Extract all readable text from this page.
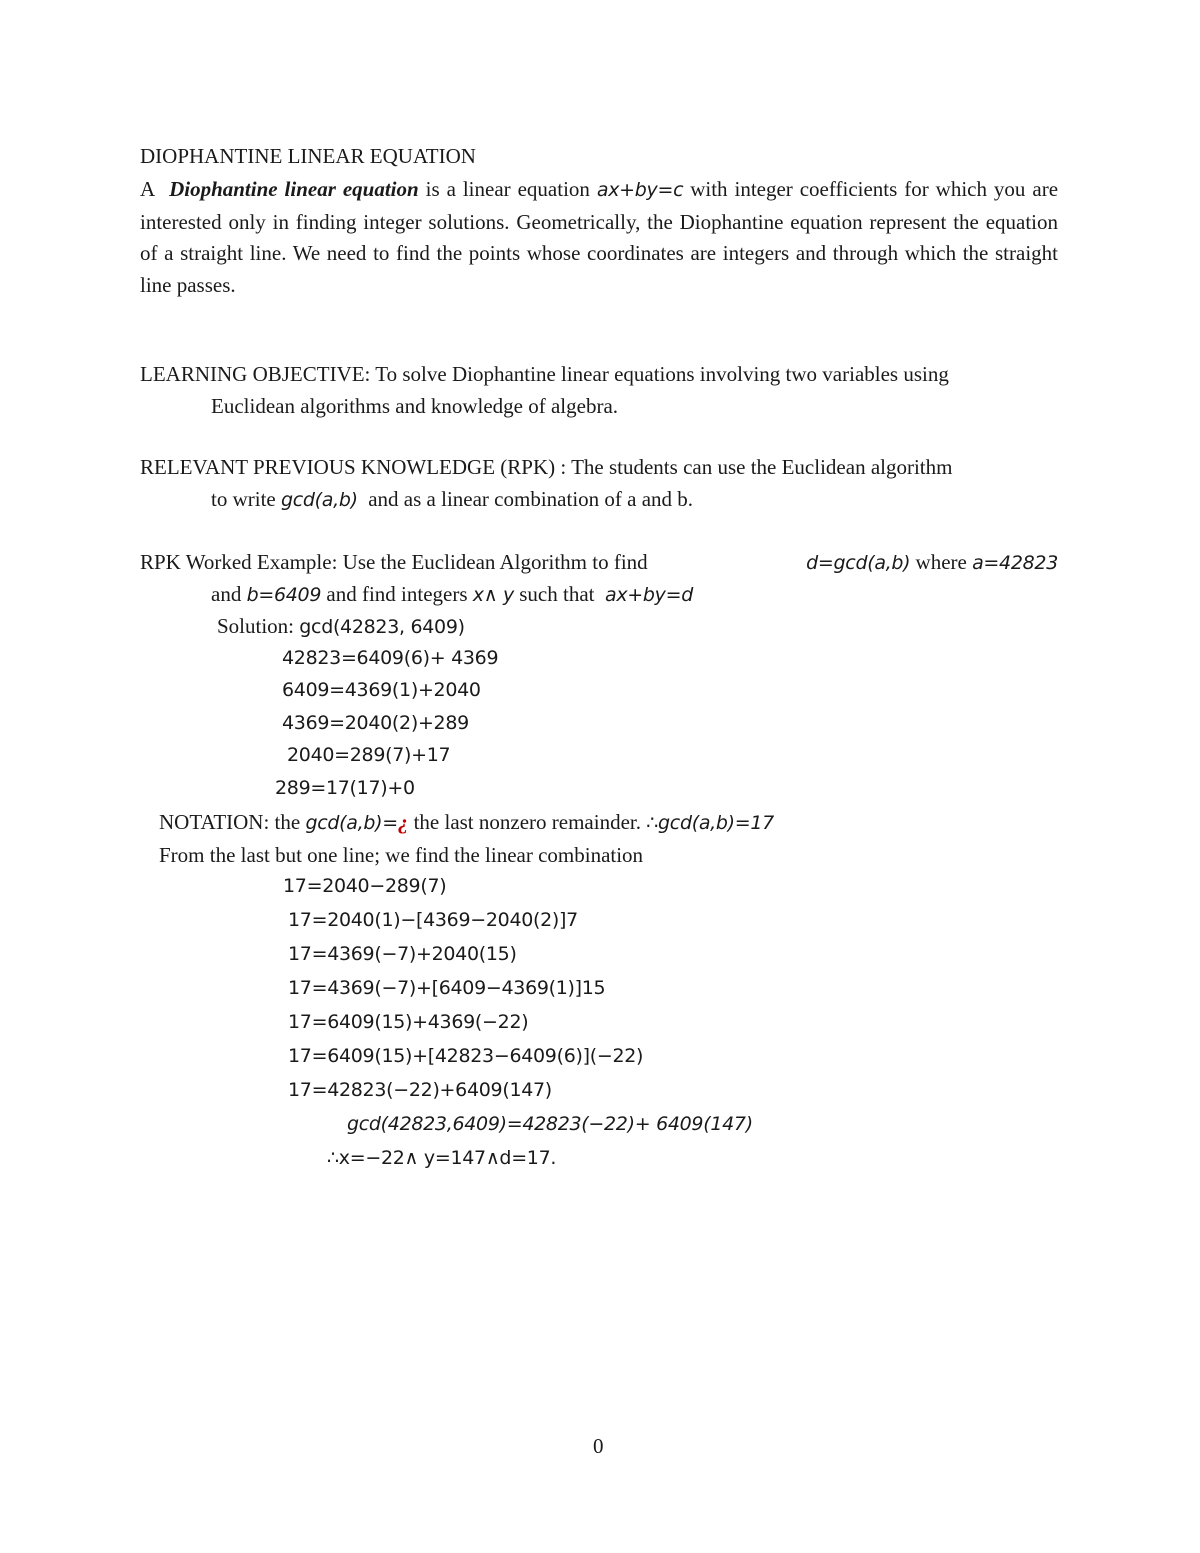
DIOPHANTINE LINEAR EQUATION
A Diophantine linear equation is a linear equation ax+by=c with integer coefficients for which you are interested only in finding integer solutions. Geometrically, the Diophantine equation represent the equation of a straight line. We need to find the points whose coordinates are integers and through which the straight line passes.
LEARNING OBJECTIVE: To solve Diophantine linear equations involving two variables using
Euclidean algorithms and knowledge of algebra.
RELEVANT PREVIOUS KNOWLEDGE (RPK) : The students can use the Euclidean algorithm
to write gcd(a,b) and as a linear combination of a and b.
RPK Worked Example: Use the Euclidean Algorithm to find	d=gcd(a,b) where a=42823
and b=6409 and find integers x∧ y such that ax+by=d
Solution: gcd(42823, 6409)
42823=6409(6)+ 4369
6409=4369(1)+2040
4369=2040(2)+289
2040=289(7)+17
289=17(17)+0
NOTATION: the gcd(a,b)=¿ the last nonzero remainder. ∴gcd(a,b)=17
From the last but one line; we find the linear combination
17=2040−289(7)
17=2040(1)−[4369−2040(2)]7
17=4369(−7)+2040(15)
17=4369(−7)+[6409−4369(1)]15
17=6409(15)+4369(−22)
17=6409(15)+[42823−6409(6)](−22)
17=42823(−22)+6409(147)
gcd(42823,6409)=42823(−22)+ 6409(147)
∴x=−22∧ y=147∧d=17.
0
